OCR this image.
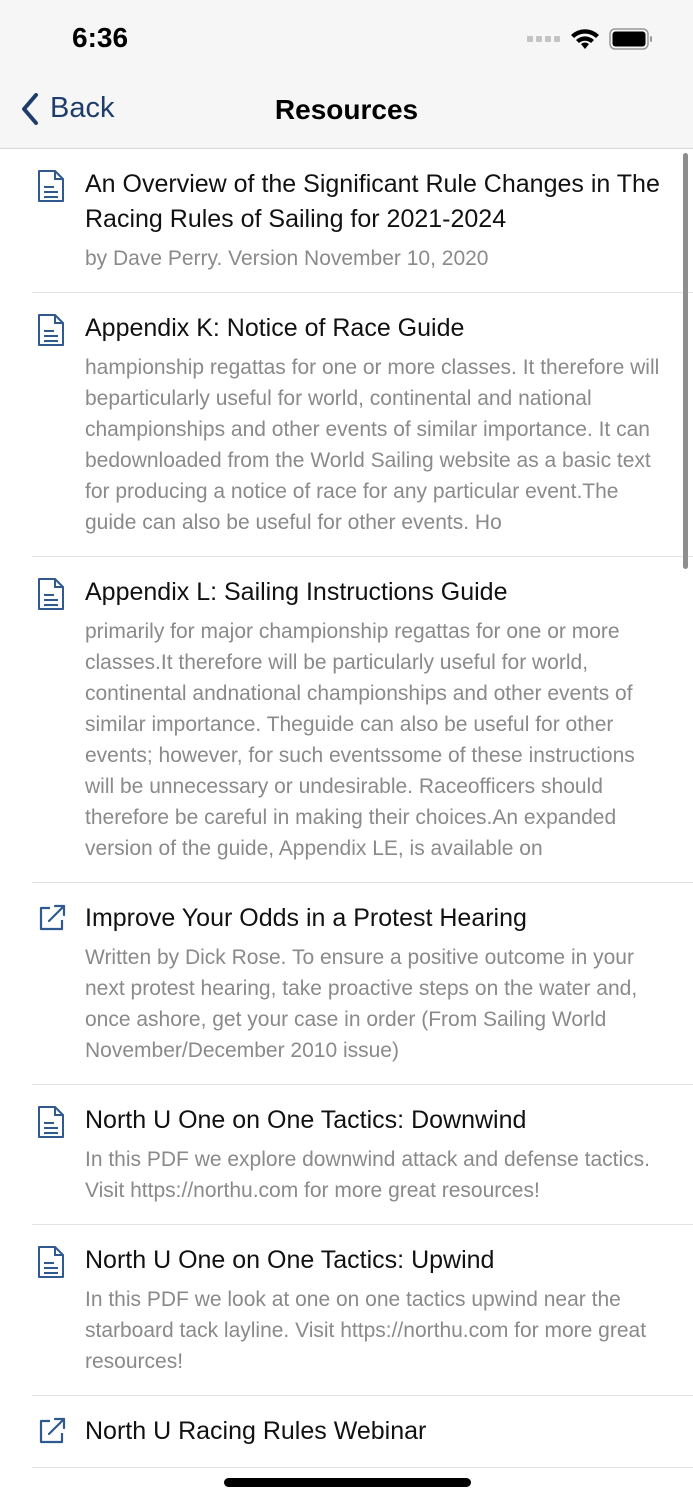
6:36
Back	Resources
An Overview of the Significant Rule Changes in The Racing Rules of Sailing for 2021-2024
by Dave Perry. Version November 10, 2020
Appendix K: Notice of Race Guide
hampionship regattas for one or more classes. It therefore will beparticularly useful for world, continental and national championships and other events of similar importance. It can bedownloaded from the World Sailing website as a basic text for producing a notice of race for any particular event.The guide can also be useful for other events. Ho
Appendix L: Sailing Instructions Guide
primarily for major championship regattas for one or more classes.It therefore will be particularly useful for world, continental andnational championships and other events of similar importance. Theguide can also be useful for other events; however, for such eventssome of these instructions will be unnecessary or undesirable. Raceofficers should therefore be careful in making their choices.An expanded version of the guide, Appendix LE, is available on
Improve Your Odds in a Protest Hearing
Written by Dick Rose. To ensure a positive outcome in your next protest hearing, take proactive steps on the water and, once ashore, get your case in order (From Sailing World November/December 2010 issue)
North U One on One Tactics: Downwind
In this PDF we explore downwind attack and defense tactics. Visit https://northu.com for more great resources!
North U One on One Tactics: Upwind
In this PDF we look at one on one tactics upwind near the starboard tack layline. Visit https://northu.com for more great resources!
North U Racing Rules Webinar
